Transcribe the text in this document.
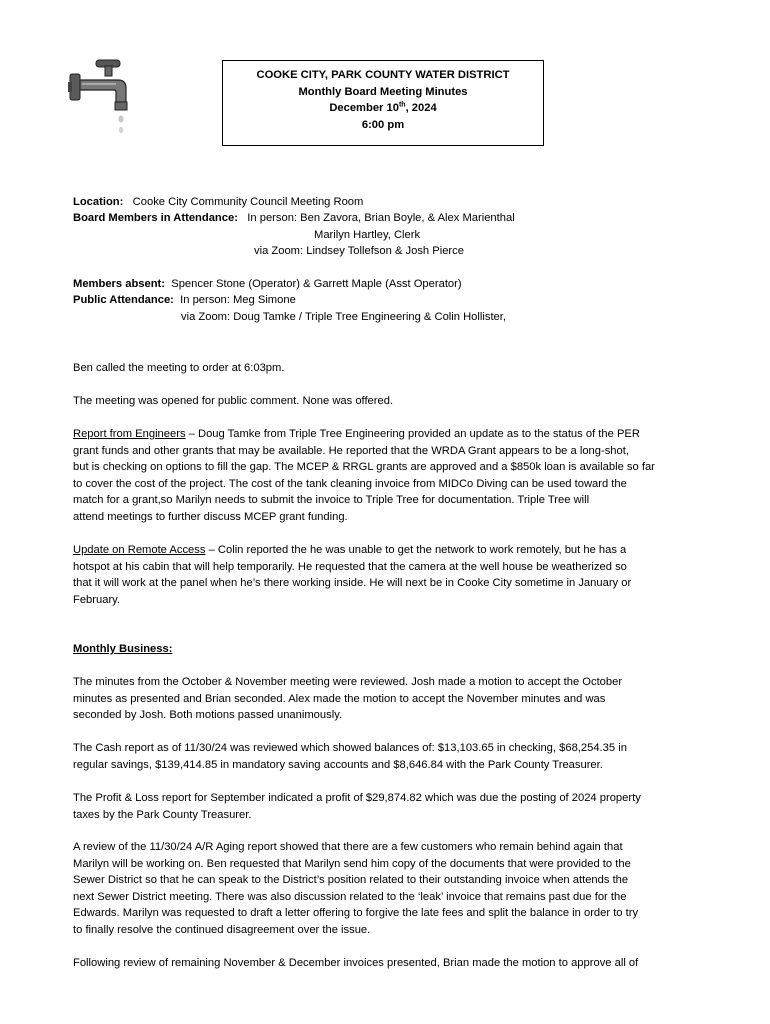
COOKE CITY, PARK COUNTY WATER DISTRICT
Monthly Board Meeting Minutes
December 10th, 2024
6:00 pm
Location: Cooke City Community Council Meeting Room
Board Members in Attendance: In person: Ben Zavora, Brian Boyle, & Alex Marienthal
Marilyn Hartley, Clerk
via Zoom: Lindsey Tollefson & Josh Pierce
Members absent: Spencer Stone (Operator) & Garrett Maple (Asst Operator)
Public Attendance: In person: Meg Simone
via Zoom: Doug Tamke / Triple Tree Engineering & Colin Hollister,
Ben called the meeting to order at 6:03pm.
The meeting was opened for public comment. None was offered.
Report from Engineers – Doug Tamke from Triple Tree Engineering provided an update as to the status of the PER
grant funds and other grants that may be available. He reported that the WRDA Grant appears to be a long-shot,
but is checking on options to fill the gap. The MCEP & RRGL grants are approved and a $850k loan is available so far
to cover the cost of the project. The cost of the tank cleaning invoice from MIDCo Diving can be used toward the
match for a grant,so Marilyn needs to submit the invoice to Triple Tree for documentation. Triple Tree will
attend meetings to further discuss MCEP grant funding.
Update on Remote Access – Colin reported the he was unable to get the network to work remotely, but he has a
hotspot at his cabin that will help temporarily. He requested that the camera at the well house be weatherized so
that it will work at the panel when he’s there working inside. He will next be in Cooke City sometime in January or
February.
Monthly Business:
The minutes from the October & November meeting were reviewed. Josh made a motion to accept the October
minutes as presented and Brian seconded. Alex made the motion to accept the November minutes and was
seconded by Josh. Both motions passed unanimously.
The Cash report as of 11/30/24 was reviewed which showed balances of: $13,103.65 in checking, $68,254.35 in
regular savings, $139,414.85 in mandatory saving accounts and $8,646.84 with the Park County Treasurer.
The Profit & Loss report for September indicated a profit of $29,874.82 which was due the posting of 2024 property
taxes by the Park County Treasurer.
A review of the 11/30/24 A/R Aging report showed that there are a few customers who remain behind again that
Marilyn will be working on. Ben requested that Marilyn send him copy of the documents that were provided to the
Sewer District so that he can speak to the District’s position related to their outstanding invoice when attends the
next Sewer District meeting. There was also discussion related to the ‘leak’ invoice that remains past due for the
Edwards. Marilyn was requested to draft a letter offering to forgive the late fees and split the balance in order to try
to finally resolve the continued disagreement over the issue.
Following review of remaining November & December invoices presented, Brian made the motion to approve all of
